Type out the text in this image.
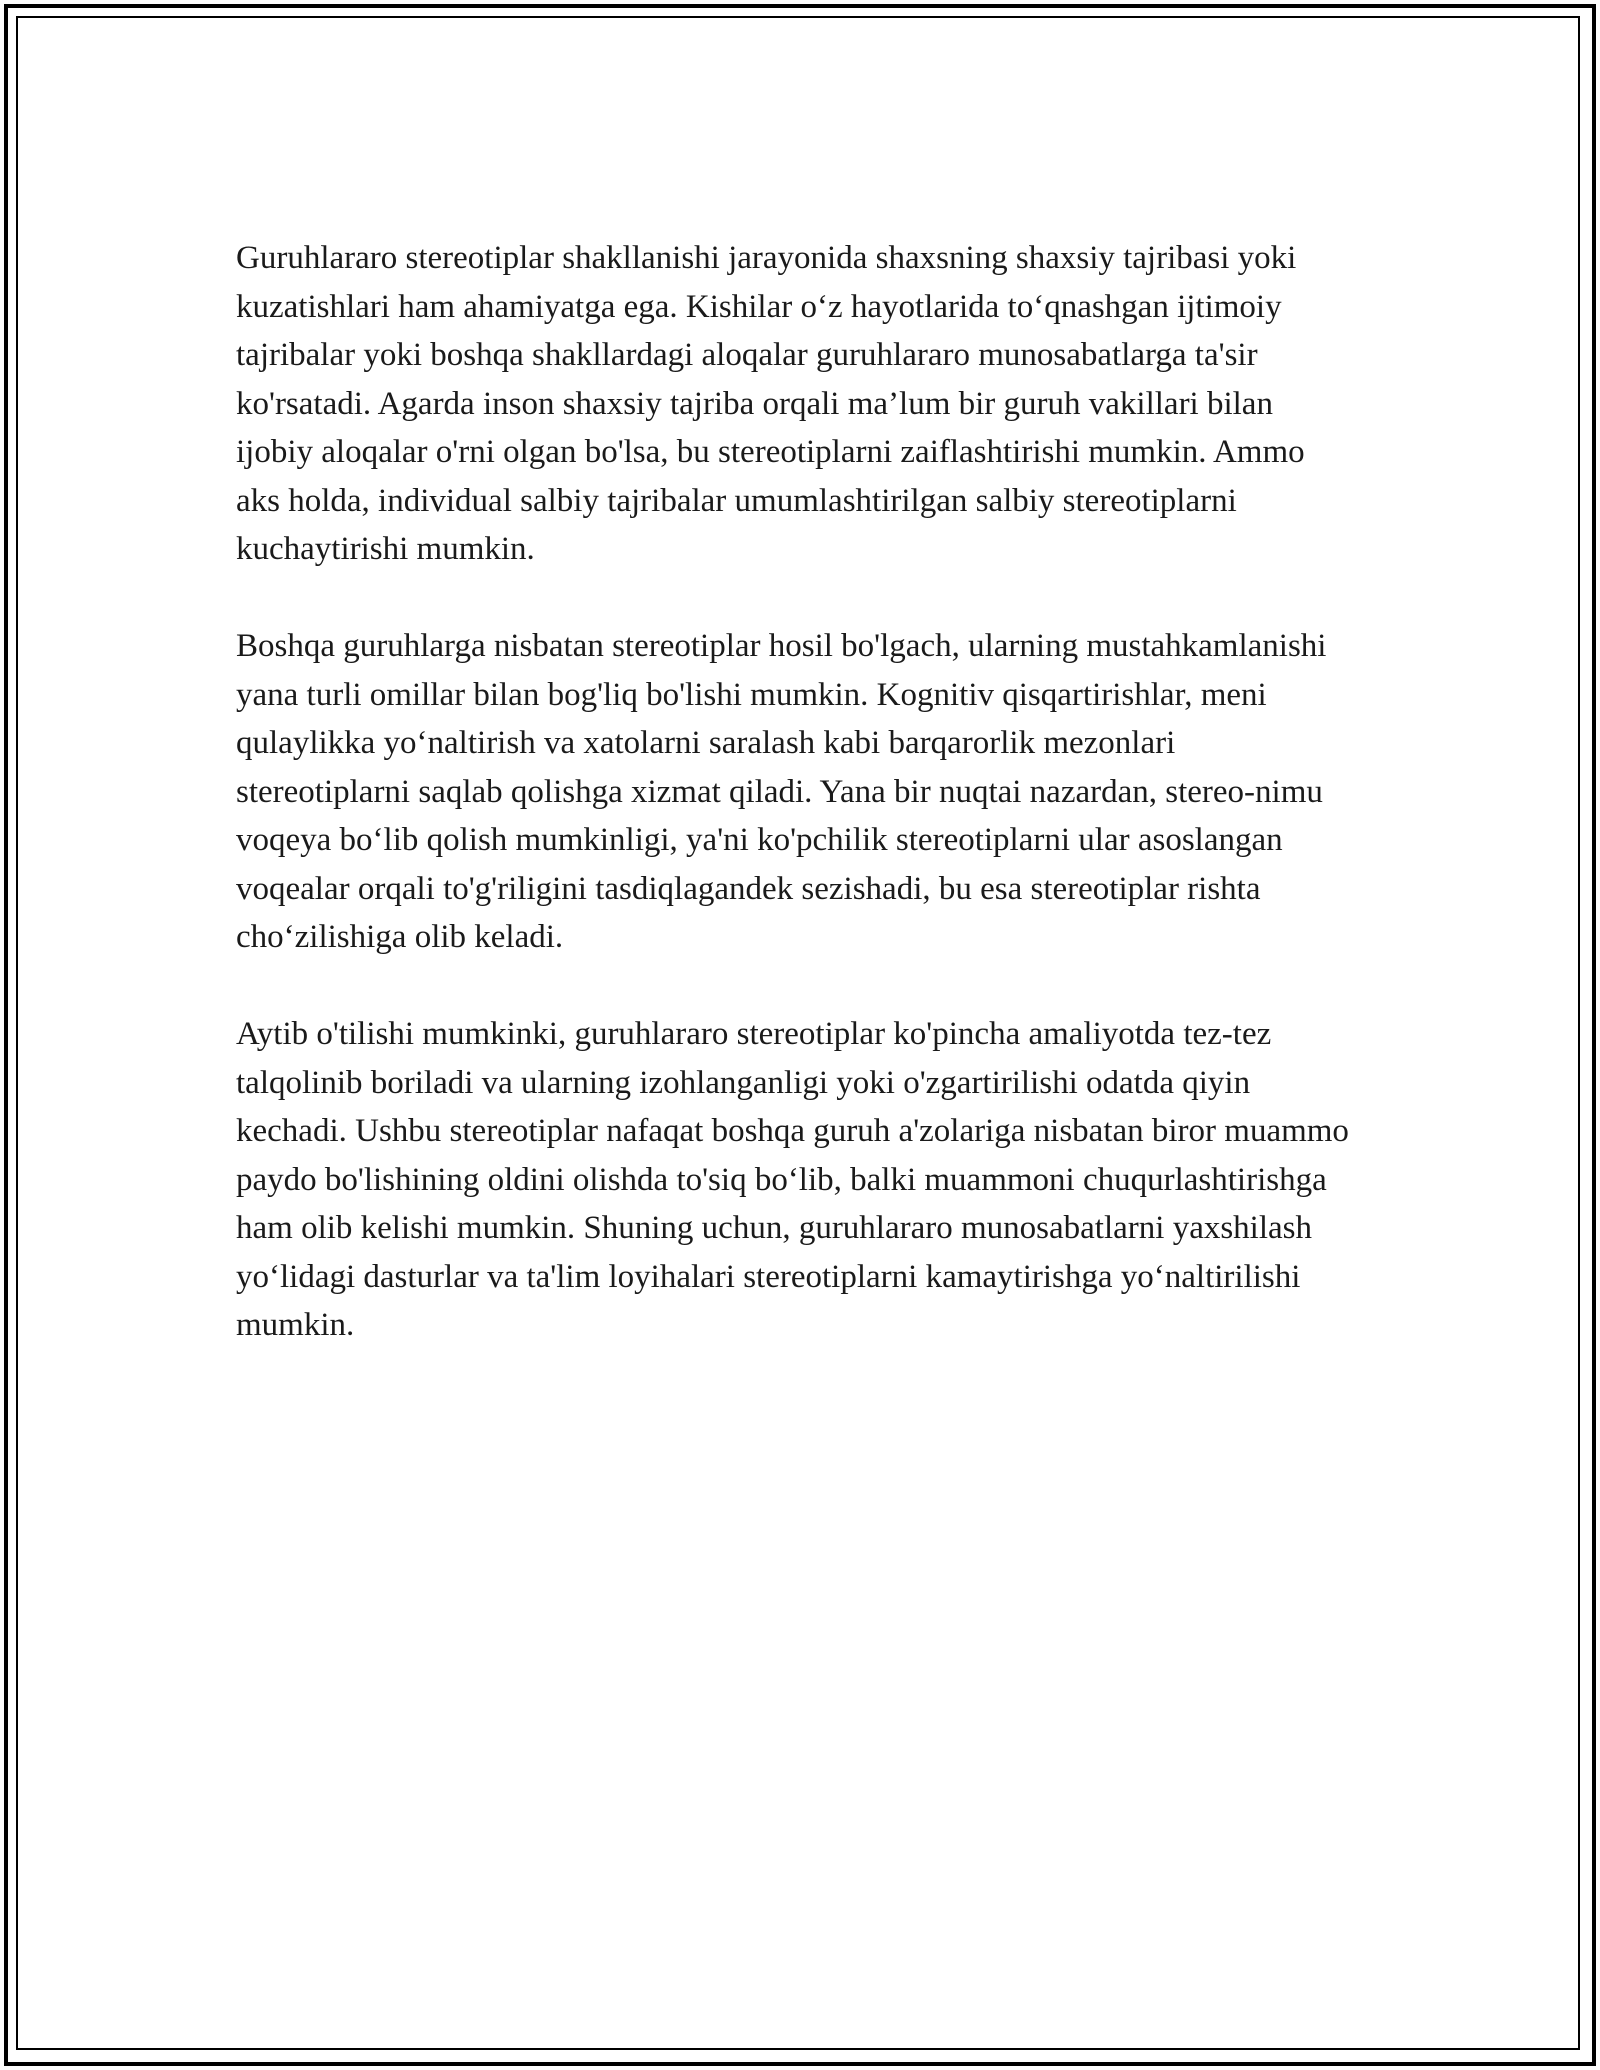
Guruhlararo stereotiplar shakllanishi jarayonida shaxsning shaxsiy tajribasi yoki kuzatishlari ham ahamiyatga ega. Kishilar o‘z hayotlarida to‘qnashgan ijtimoiy tajribalar yoki boshqa shakllardagi aloqalar guruhlararo munosabatlarga ta'sir ko'rsatadi. Agarda inson shaxsiy tajriba orqali ma’lum bir guruh vakillari bilan ijobiy aloqalar o'rni olgan bo'lsa, bu stereotiplarni zaiflashtirishi mumkin. Ammo aks holda, individual salbiy tajribalar umumlashtirilgan salbiy stereotiplarni kuchaytirishi mumkin.

Boshqa guruhlarga nisbatan stereotiplar hosil bo'lgach, ularning mustahkamlanishi yana turli omillar bilan bog'liq bo'lishi mumkin. Kognitiv qisqartirishlar, meni qulaylikka yo‘naltirish va xatolarni saralash kabi barqarorlik mezonlari stereotiplarni saqlab qolishga xizmat qiladi. Yana bir nuqtai nazardan, stereo-nimu voqeya bo‘lib qolish mumkinligi, ya'ni ko'pchilik stereotiplarni ular asoslangan voqealar orqali to'g'riligini tasdiqlagandek sezishadi, bu esa stereotiplar rishta cho‘zilishiga olib keladi.

Aytib o'tilishi mumkinki, guruhlararo stereotiplar ko'pincha amaliyotda tez-tez talqolinib boriladi va ularning izohlanganligi yoki o'zgartirilishi odatda qiyin kechadi. Ushbu stereotiplar nafaqat boshqa guruh a'zolariga nisbatan biror muammo paydo bo'lishining oldini olishda to'siq bo‘lib, balki muammoni chuqurlashtirishga ham olib kelishi mumkin. Shuning uchun, guruhlararo munosabatlarni yaxshilash yo‘lidagi dasturlar va ta'lim loyihalari stereotiplarni kamaytirishga yo‘naltirilishi mumkin.
